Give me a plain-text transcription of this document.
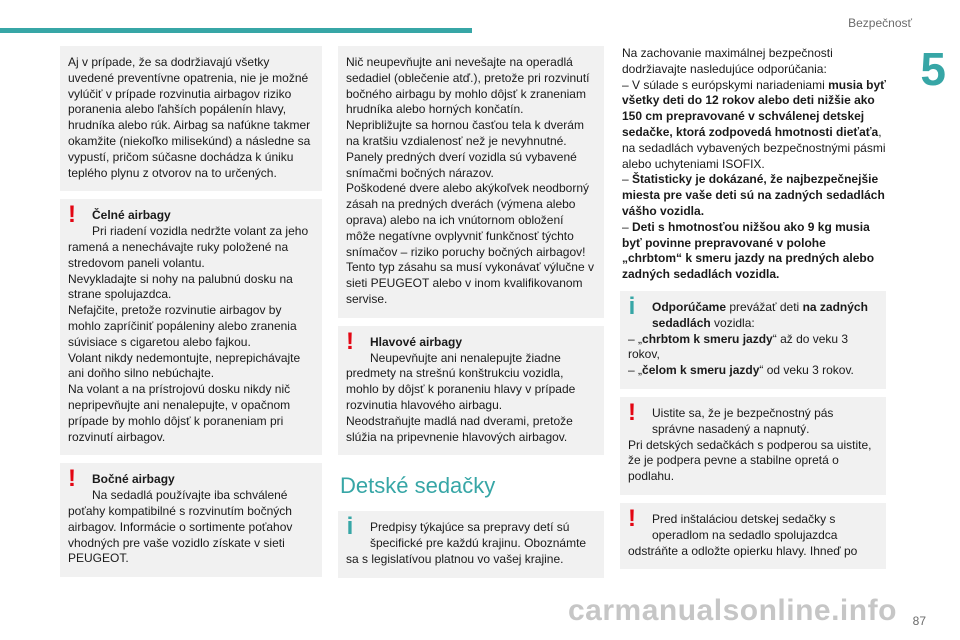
Bezpečnosť
5
Aj v prípade, že sa dodržiavajú všetky uvedené preventívne opatrenia, nie je možné vylúčiť v prípade rozvinutia airbagov riziko poranenia alebo ľahších popálenín hlavy, hrudníka alebo rúk. Airbag sa nafúkne takmer okamžite (niekoľko milisekúnd) a následne sa vypustí, pričom súčasne dochádza k úniku teplého plynu z otvorov na to určených.
!	Čelné airbagy
Pri riadení vozidla nedržte volant za jeho ramená a nenechávajte ruky položené na stredovom paneli volantu.
Nevykladajte si nohy na palubnú dosku na strane spolujazdca.
Nefajčite, pretože rozvinutie airbagov by mohlo zapríčiniť popáleniny alebo zranenia súvisiace s cigaretou alebo fajkou.
Volant nikdy nedemontujte, neprepichávajte ani doňho silno nebúchajte.
Na volant a na prístrojovú dosku nikdy nič nepripevňujte ani nenalepujte, v opačnom prípade by mohlo dôjsť k poraneniam pri rozvinutí airbagov.
!	Bočné airbagy
Na sedadlá používajte iba schválené
poťahy kompatibilné s rozvinutím bočných airbagov. Informácie o sortimente poťahov vhodných pre vaše vozidlo získate v sieti PEUGEOT.
Nič neupevňujte ani nevešajte na operadlá sedadiel (oblečenie atď.), pretože pri rozvinutí bočného airbagu by mohlo dôjsť k zraneniam hrudníka alebo horných končatín.
Nepribližujte sa hornou časťou tela k dverám na kratšiu vzdialenosť než je nevyhnutné.
Panely predných dverí vozidla sú vybavené snímačmi bočných nárazov.
Poškodené dvere alebo akýkoľvek neodborný zásah na predných dverách (výmena alebo oprava) alebo na ich vnútornom obložení môže negatívne ovplyvniť funkčnosť týchto snímačov – riziko poruchy bočných airbagov!
Tento typ zásahu sa musí vykonávať výlučne v sieti PEUGEOT alebo v inom kvalifikovanom servise.
!	Hlavové airbagy
Neupevňujte ani nenalepujte žiadne
predmety na strešnú konštrukciu vozidla, mohlo by dôjsť k poraneniu hlavy v prípade rozvinutia hlavového airbagu.
Neodstraňujte madlá nad dverami, pretože slúžia na pripevnenie hlavových airbagov.
Detské sedačky
i	Predpisy týkajúce sa prepravy detí sú špecifické pre každú krajinu. Oboznámte
sa s legislatívou platnou vo vašej krajine.
Na zachovanie maximálnej bezpečnosti dodržiavajte nasledujúce odporúčania:
– V súlade s európskymi nariadeniami musia byť všetky deti do 12 rokov alebo deti nižšie ako 150 cm prepravované v schválenej detskej sedačke, ktorá zodpovedá hmotnosti dieťaťa, na sedadlách vybavených bezpečnostnými pásmi alebo uchyteniami ISOFIX.
– Štatisticky je dokázané, že najbezpečnejšie miesta pre vaše deti sú na zadných sedadlách vášho vozidla.
– Deti s hmotnosťou nižšou ako 9 kg musia byť povinne prepravované v polohe „chrbtom“ k smeru jazdy na predných alebo zadných sedadlách vozidla.
i	Odporúčame prevážať deti na zadných sedadlách vozidla:
– „chrbtom k smeru jazdy“ až do veku 3 rokov,
– „čelom k smeru jazdy“ od veku 3 rokov.
!	Uistite sa, že je bezpečnostný pás správne nasadený a napnutý.
Pri detských sedačkách s podperou sa uistite, že je podpera pevne a stabilne opretá o podlahu.
!	Pred inštaláciou detskej sedačky s operadlom na sedadlo spolujazdca
odstráňte a odložte opierku hlavy. Ihneď po
carmanualsonline.info 87
